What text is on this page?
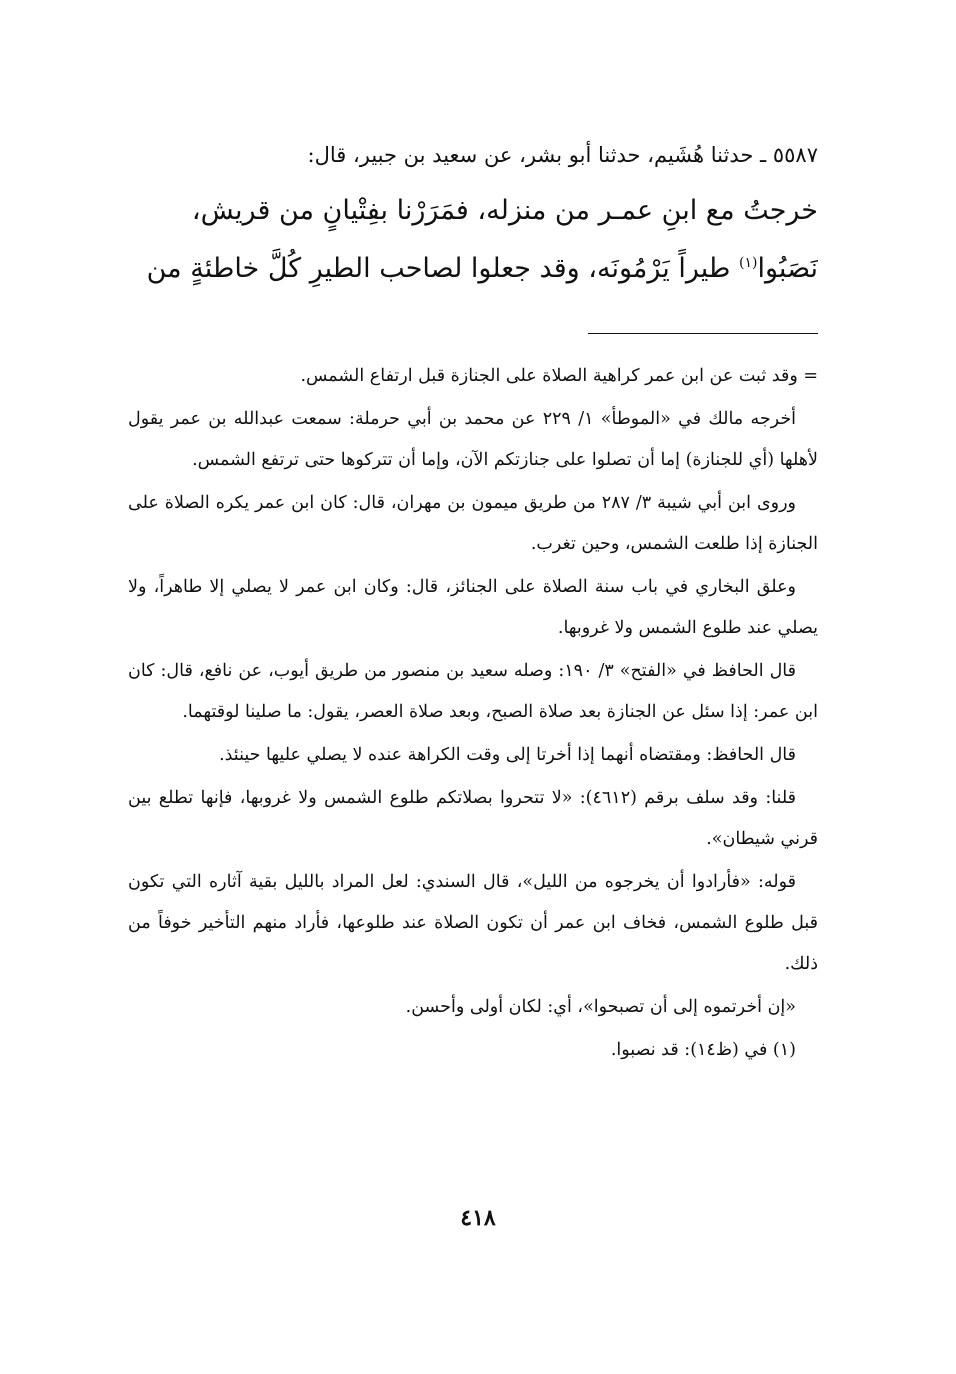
٥٥٨٧ ـ حدثنا هُشَيم، حدثنا أبو بشر، عن سعيد بن جبير، قال:
خرجتُ مع ابنِ عمـر من منزله، فمَرَرْنا بفِتْيانٍ من قريش،
نَصَبُوا$^{(١)}$ طيراً يَرْمُونَه، وقد جعلوا لصاحب الطيرِ كُلَّ خاطئةٍ من

= وقد ثبت عن ابن عمر كراهية الصلاة على الجنازة قبل ارتفاع الشمس.

أخرجه مالك في «الموطأ» ١/ ٢٢٩ عن محمد بن أبي حرملة: سمعت عبدالله بن عمر يقول لأهلها (أي للجنازة) إما أن تصلوا على جنازتكم الآن، وإما أن تتركوها حتى ترتفع الشمس.

وروى ابن أبي شيبة ٣/ ٢٨٧ من طريق ميمون بن مهران، قال: كان ابن عمر يكره الصلاة على الجنازة إذا طلعت الشمس، وحين تغرب.

وعلق البخاري في باب سنة الصلاة على الجنائز، قال: وكان ابن عمر لا يصلي إلا طاهراً، ولا يصلي عند طلوع الشمس ولا غروبها.

قال الحافظ في «الفتح» ٣/ ١٩٠: وصله سعيد بن منصور من طريق أيوب، عن نافع، قال: كان ابن عمر: إذا سئل عن الجنازة بعد صلاة الصبح، وبعد صلاة العصر، يقول: ما صلينا لوقتهما.

قال الحافظ: ومقتضاه أنهما إذا أخرتا إلى وقت الكراهة عنده لا يصلي عليها حينئذ.

قلنا: وقد سلف برقم (٤٦١٢): «لا تتحروا بصلاتكم طلوع الشمس ولا غروبها، فإنها تطلع بين قرني شيطان».

قوله: «فأرادوا أن يخرجوه من الليل»، قال السندي: لعل المراد بالليل بقية آثاره التي تكون قبل طلوع الشمس، فخاف ابن عمر أن تكون الصلاة عند طلوعها، فأراد منهم التأخير خوفاً من ذلك.

«إن أخرتموه إلى أن تصبحوا»، أي: لكان أولى وأحسن.

(١) في (ظ١٤): قد نصبوا.

٤١٨
